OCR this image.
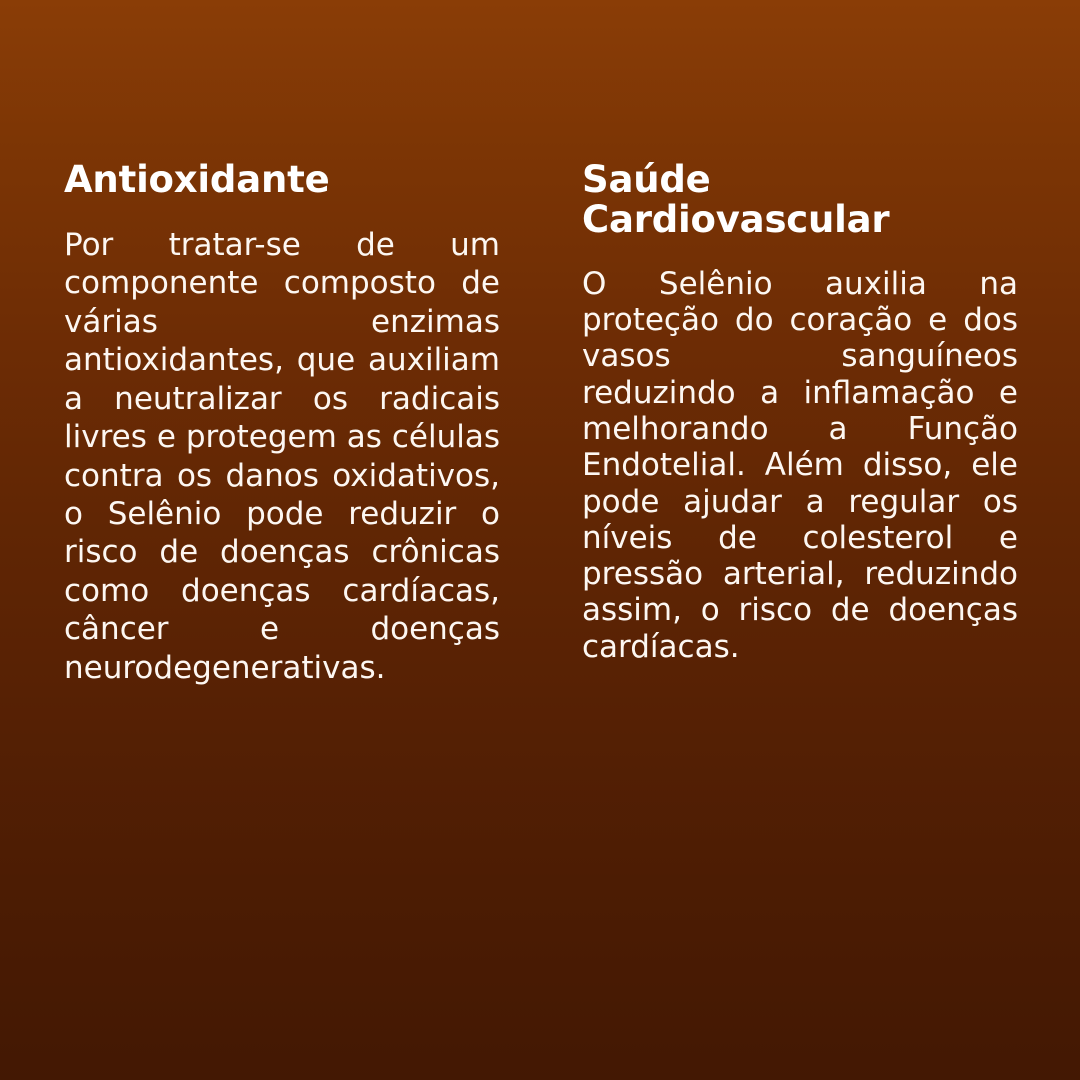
Antioxidante

Por tratar-se de um componente composto de várias enzimas antioxidantes, que auxiliam a neutralizar os radicais livres e protegem as células contra os danos oxidativos, o Selênio pode reduzir o risco de doenças crônicas como doenças cardíacas, câncer e doenças neurodegenerativas.

Saúde Cardiovascular

O Selênio auxilia na proteção do coração e dos vasos sanguíneos reduzindo a inflamação e melhorando a Função Endotelial. Além disso, ele pode ajudar a regular os níveis de colesterol e pressão arterial, reduzindo assim, o risco de doenças cardíacas.
